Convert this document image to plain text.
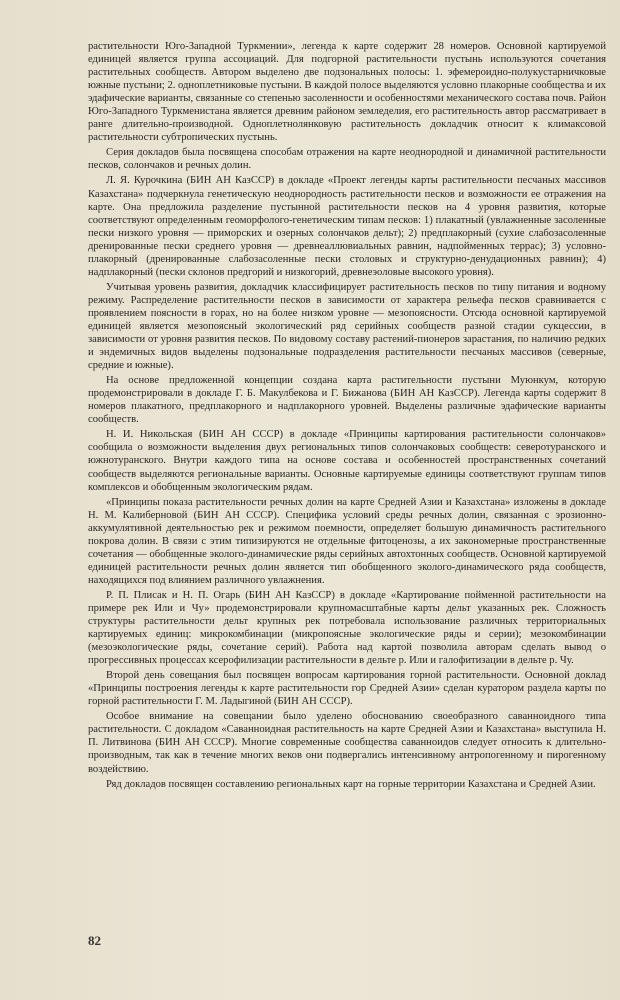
растительности Юго-Западной Туркмении», легенда к карте содержит 28 номеров. Основной картируемой единицей является группа ассоциаций. Для подгорной растительности пустынь используются сочетания растительных сообществ. Автором выделено две подзональных полосы: 1. эфемероидно-полукустарничковые южные пустыни; 2. одноплетниковые пустыни. В каждой полосе выделяются условно плакорные сообщества и их эдафические варианты, связанные со степенью засоленности и особенностями механического состава почв. Район Юго-Западного Туркменистана является древним районом земледелия, его растительность автор рассматривает в ранге длительно-производной. Одноплетнолянковую растительность докладчик относит к климаксовой растительности субтропических пустынь.

Серия докладов была посвящена способам отражения на карте неоднородной и динамичной растительности песков, солончаков и речных долин.

Л. Я. Курочкина (БИН АН КазССР) в докладе «Проект легенды карты растительности песчаных массивов Казахстана» подчеркнула генетическую неоднородность растительности песков и возможности ее отражения на карте. Она предложила разделение пустынной растительности песков на 4 уровня развития, которые соответствуют определенным геоморфолого-генетическим типам песков: 1) плакатный (увлажненные засоленные пески низкого уровня — приморских и озерных солончаков дельт); 2) предплакорный (сухие слабозасоленные дренированные пески среднего уровня — древнеаллювиальных равнин, надпойменных террас); 3) условно-плакорный (дренированные слабозасоленные пески столовых и структурно-денудационных равнин); 4) надплакорный (пески склонов предгорий и низкогорий, древнеэоловые высокого уровня).

Учитывая уровень развития, докладчик классифицирует растительность песков по типу питания и водному режиму. Распределение растительности песков в зависимости от характера рельефа песков сравнивается с проявлением поясности в горах, но на более низком уровне — мезопоясности. Отсюда основной картируемой единицей является мезопоясный экологический ряд серийных сообществ разной стадии сукцессии, в зависимости от уровня развития песков. По видовому составу растений-пионеров зарастания, по наличию редких и эндемичных видов выделены подзональные подразделения растительности песчаных массивов (северные, средние и южные).

На основе предложенной концепции создана карта растительности пустыни Муюнкум, которую продемонстрировали в докладе Г. Б. Макулбекова и Г. Бижанова (БИН АН КазССР). Легенда карты содержит 8 номеров плакатного, предплакорного и надплакорного уровней. Выделены различные эдафические варианты сообществ.

Н. И. Никольская (БИН АН СССР) в докладе «Принципы картирования растительности солончаков» сообщила о возможности выделения двух региональных типов солончаковых сообществ: северотуранского и южнотуранского. Внутри каждого типа на основе состава и особенностей пространственных сочетаний сообществ выделяются региональные варианты. Основные картируемые единицы соответствуют группам типов комплексов и обобщенным экологическим рядам.

«Принципы показа растительности речных долин на карте Средней Азии и Казахстана» изложены в докладе Н. М. Калиберновой (БИН АН СССР). Специфика условий среды речных долин, связанная с эрозионно-аккумулятивной деятельностью рек и режимом поемности, определяет большую динамичность растительного покрова долин. В связи с этим типизируются не отдельные фитоценозы, а их закономерные пространственные сочетания — обобщенные эколого-динамические ряды серийных автохтонных сообществ. Основной картируемой единицей растительности речных долин является тип обобщенного эколого-динамического ряда сообществ, находящихся под влиянием различного увлажнения.

Р. П. Плисак и Н. П. Огарь (БИН АН КазССР) в докладе «Картирование пойменной растительности на примере рек Или и Чу» продемонстрировали крупномасштабные карты дельт указанных рек. Сложность структуры растительности дельт крупных рек потребовала использование различных территориальных картируемых единиц: микрокомбинации (микропоясные экологические ряды и серии); мезокомбинации (мезоэкологические ряды, сочетание серий). Работа над картой позволила авторам сделать вывод о прогрессивных процессах ксерофилизации растительности в дельте р. Или и галофитизации в дельте р. Чу.

Второй день совещания был посвящен вопросам картирования горной растительности. Основной доклад «Принципы построения легенды к карте растительности гор Средней Азии» сделан куратором раздела карты по горной растительности Г. М. Ладыгиной (БИН АН СССР).

Особое внимание на совещании было уделено обоснованию своеобразного саванноидного типа растительности. С докладом «Саванноидная растительность на карте Средней Азии и Казахстана» выступила Н. П. Литвинова (БИН АН СССР). Многие современные сообщества саванноидов следует относить к длительно-производным, так как в течение многих веков они подвергались интенсивному антропогенному и пирогенному воздействию.

Ряд докладов посвящен составлению региональных карт на горные территории Казахстана и Средней Азии.

82
